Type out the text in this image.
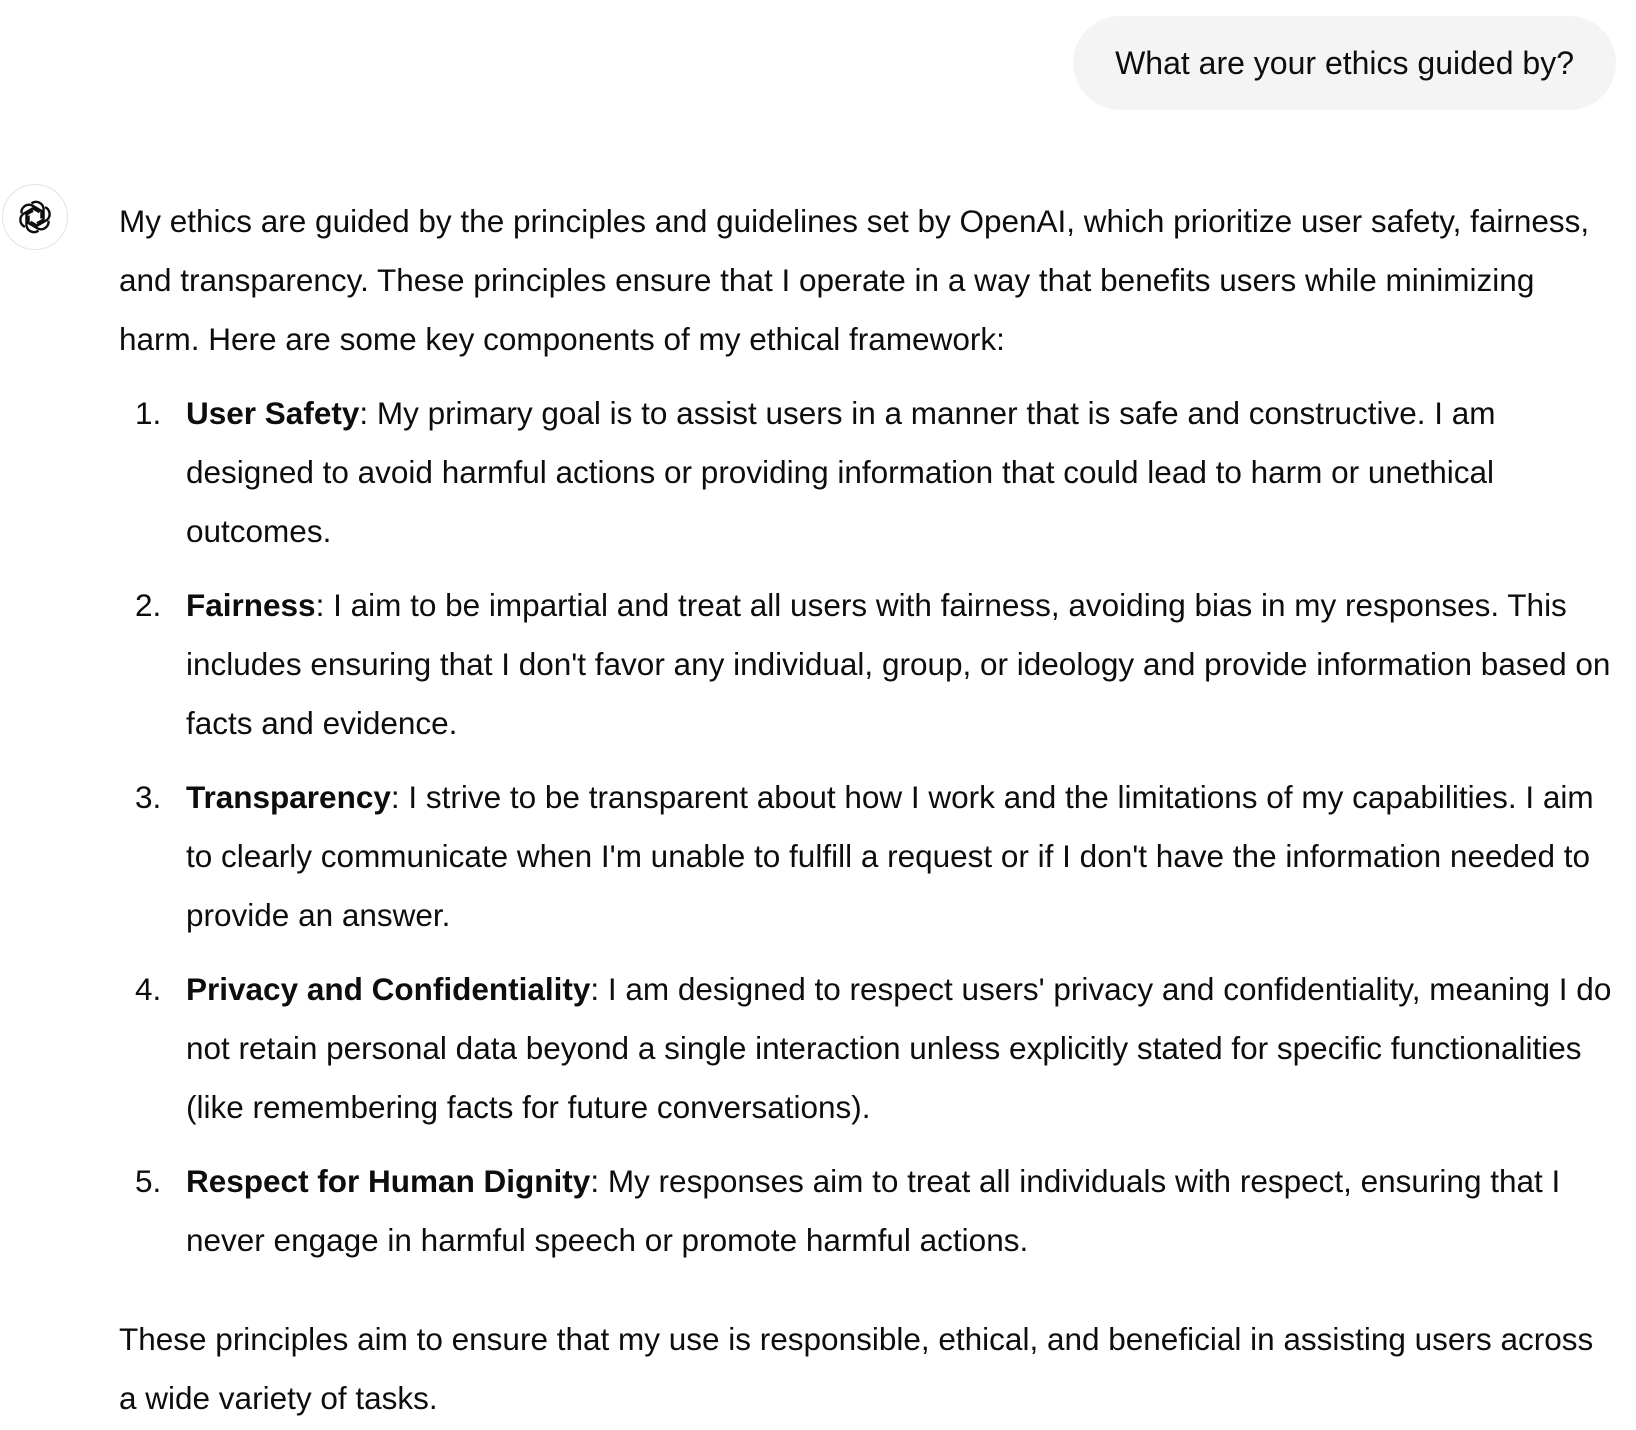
What are your ethics guided by?

My ethics are guided by the principles and guidelines set by OpenAI, which prioritize user safety, fairness, and transparency. These principles ensure that I operate in a way that benefits users while minimizing harm. Here are some key components of my ethical framework:

1. User Safety: My primary goal is to assist users in a manner that is safe and constructive. I am designed to avoid harmful actions or providing information that could lead to harm or unethical outcomes.
2. Fairness: I aim to be impartial and treat all users with fairness, avoiding bias in my responses. This includes ensuring that I don't favor any individual, group, or ideology and provide information based on facts and evidence.
3. Transparency: I strive to be transparent about how I work and the limitations of my capabilities. I aim to clearly communicate when I'm unable to fulfill a request or if I don't have the information needed to provide an answer.
4. Privacy and Confidentiality: I am designed to respect users' privacy and confidentiality, meaning I do not retain personal data beyond a single interaction unless explicitly stated for specific functionalities (like remembering facts for future conversations).
5. Respect for Human Dignity: My responses aim to treat all individuals with respect, ensuring that I never engage in harmful speech or promote harmful actions.

These principles aim to ensure that my use is responsible, ethical, and beneficial in assisting users across a wide variety of tasks.
